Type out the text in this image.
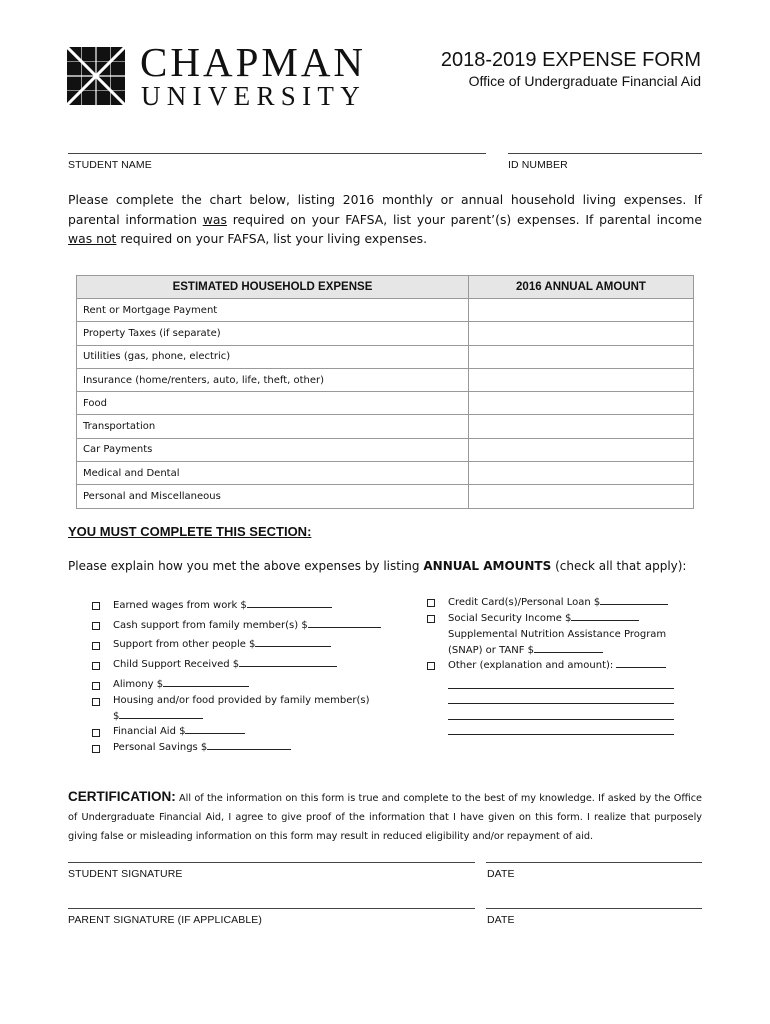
CHAPMAN
UNIVERSITY
2018-2019 EXPENSE FORM
Office of Undergraduate Financial Aid
STUDENT NAME	ID NUMBER
Please complete the chart below, listing 2016 monthly or annual household living expenses. If parental information was required on your FAFSA, list your parent’(s) expenses. If parental income was not required on your FAFSA, list your living expenses.
ESTIMATED HOUSEHOLD EXPENSE	2016 ANNUAL AMOUNT
Rent or Mortgage Payment	
Property Taxes (if separate)	
Utilities (gas, phone, electric)	
Insurance (home/renters, auto, life, theft, other)	
Food	
Transportation	
Car Payments	
Medical and Dental	
Personal and Miscellaneous	
YOU MUST COMPLETE THIS SECTION:
Please explain how you met the above expenses by listing ANNUAL AMOUNTS (check all that apply):
Earned wages from work $
Cash support from family member(s) $
Support from other people $
Child Support Received $
Alimony $
Housing and/or food provided by family member(s)
$
Financial Aid $
Personal Savings $
Credit Card(s)/Personal Loan $
Social Security Income $
Supplemental Nutrition Assistance Program
(SNAP) or TANF $
Other (explanation and amount):
CERTIFICATION: All of the information on this form is true and complete to the best of my knowledge. If asked by the Office of Undergraduate Financial Aid, I agree to give proof of the information that I have given on this form. I realize that purposely giving false or misleading information on this form may result in reduced eligibility and/or repayment of aid.
STUDENT SIGNATURE	DATE
PARENT SIGNATURE (IF APPLICABLE)	DATE
